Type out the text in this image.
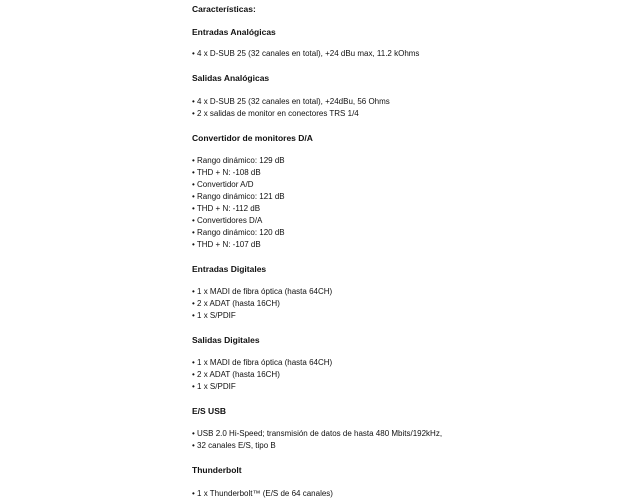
Características:
Entradas Analógicas
• 4 x D-SUB 25 (32 canales en total), +24 dBu max, 11.2 kOhms
Salidas Analógicas
• 4 x D-SUB 25 (32 canales en total), +24dBu, 56 Ohms
• 2 x salidas de monitor en conectores TRS 1/4
Convertidor de monitores D/A
• Rango dinámico: 129 dB
• THD + N: -108 dB
• Convertidor A/D
• Rango dinámico: 121 dB
• THD + N: -112 dB
• Convertidores D/A
• Rango dinámico: 120 dB
• THD + N: -107 dB
Entradas Digitales
• 1 x MADI de fibra óptica (hasta 64CH)
• 2 x ADAT (hasta 16CH)
• 1 x S/PDIF
Salidas Digitales
• 1 x MADI de fibra óptica (hasta 64CH)
• 2 x ADAT (hasta 16CH)
• 1 x S/PDIF
E/S USB
• USB 2.0 Hi-Speed; transmisión de datos de hasta 480 Mbits/192kHz,
• 32 canales E/S, tipo B
Thunderbolt
• 1 x Thunderbolt™ (E/S de 64 canales)
